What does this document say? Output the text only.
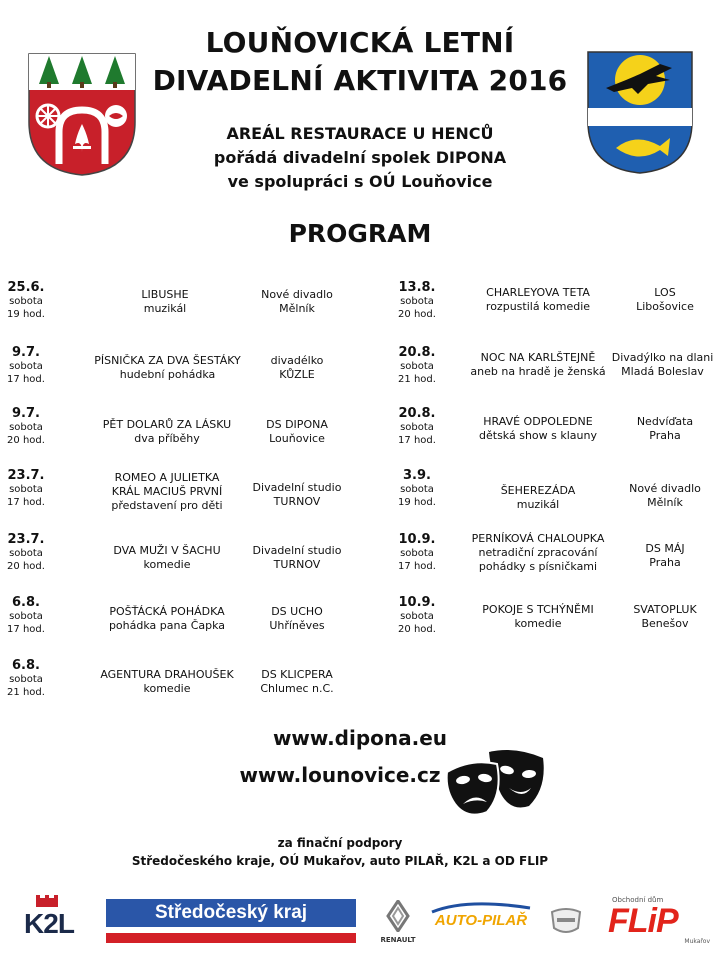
LOUŇOVICKÁ LETNÍ
DIVADELNÍ AKTIVITA 2016
AREÁL RESTAURACE U HENCŮ
pořádá divadelní spolek DIPONA
ve spolupráci s OÚ Louňovice
PROGRAM
25.6.
sobota
19 hod.
LIBUSHE
muzikál
Nové divadlo
Mělník
9.7.
sobota
17 hod.
PÍSNIČKA ZA DVA ŠESTÁKY
hudební pohádka
divadélko
KŮZLE
9.7.
sobota
20 hod.
PĚT DOLARŮ ZA LÁSKU
dva příběhy
DS DIPONA
Louňovice
23.7.
sobota
17 hod.
ROMEO A JULIETKA
KRÁL MACIUŠ PRVNÍ
představení pro děti
Divadelní studio
TURNOV
23.7.
sobota
20 hod.
DVA MUŽI V ŠACHU
komedie
Divadelní studio
TURNOV
6.8.
sobota
17 hod.
POŠŤÁCKÁ POHÁDKA
pohádka pana Čapka
DS UCHO
Uhříněves
6.8.
sobota
21 hod.
AGENTURA DRAHOUŠEK
komedie
DS KLICPERA
Chlumec n.C.
13.8.
sobota
20 hod.
CHARLEYOVA TETA
rozpustilá komedie
LOS
Libošovice
20.8.
sobota
21 hod.
NOC NA KARLŠTEJNĚ
aneb na hradě je ženská
Divadýlko na dlani
Mladá Boleslav
20.8.
sobota
17 hod.
HRAVÉ ODPOLEDNE
dětská show s klauny
Nedvíďata
Praha
3.9.
sobota
19 hod.
ŠEHEREZÁDA
muzikál
Nové divadlo
Mělník
10.9.
sobota
17 hod.
PERNÍKOVÁ CHALOUPKA
netradiční zpracování
pohádky s písničkami
DS MÁJ
Praha
10.9.
sobota
20 hod.
POKOJE S TCHÝNĚMI
komedie
SVATOPLUK
Benešov
www.dipona.eu
www.lounovice.cz
za finační podpory
Středočeského kraje, OÚ Mukařov, auto PILAŘ, K2L a OD FLIP
K2L	Středočeský kraj
RENAULT
AUTO-PILAŘ
Obchodní dům
FLiP
Mukařov
